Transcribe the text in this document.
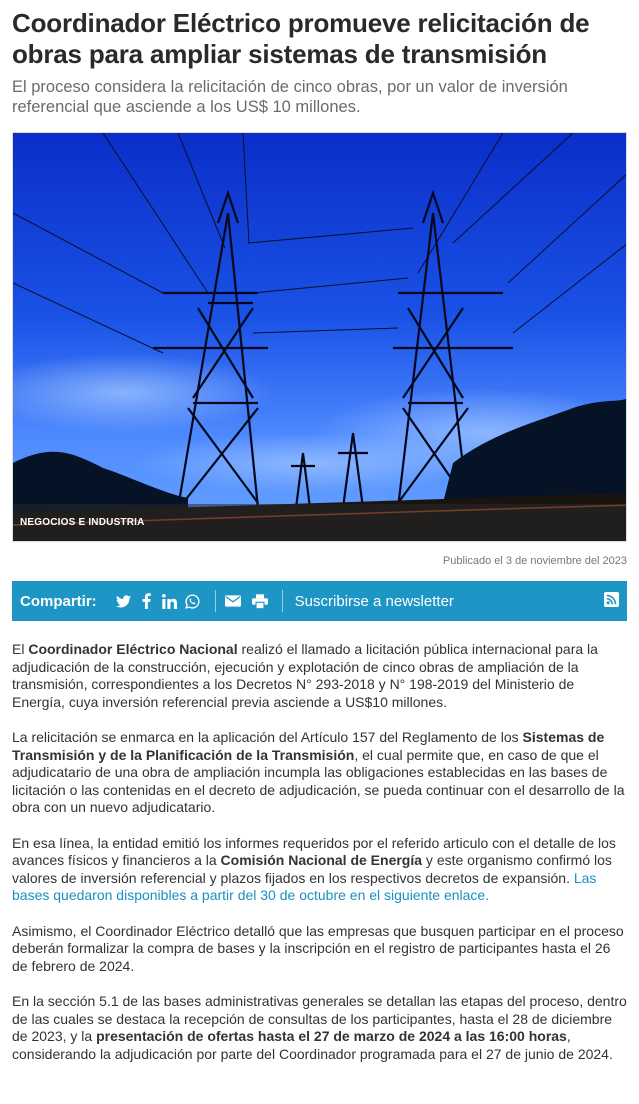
Coordinador Eléctrico promueve relicitación de obras para ampliar sistemas de transmisión

El proceso considera la relicitación de cinco obras, por un valor de inversión referencial que asciende a los US$ 10 millones.

NEGOCIOS E INDUSTRIA
Publicado el 3 de noviembre del 2023
Compartir:	Suscribirse a newsletter

El Coordinador Eléctrico Nacional realizó el llamado a licitación pública internacional para la adjudicación de la construcción, ejecución y explotación de cinco obras de ampliación de la transmisión, correspondientes a los Decretos N° 293-2018 y N° 198-2019 del Ministerio de Energía, cuya inversión referencial previa asciende a US$10 millones.

La relicitación se enmarca en la aplicación del Artículo 157 del Reglamento de los Sistemas de Transmisión y de la Planificación de la Transmisión, el cual permite que, en caso de que el adjudicatario de una obra de ampliación incumpla las obligaciones establecidas en las bases de licitación o las contenidas en el decreto de adjudicación, se pueda continuar con el desarrollo de la obra con un nuevo adjudicatario.

En esa línea, la entidad emitió los informes requeridos por el referido articulo con el detalle de los avances físicos y financieros a la Comisión Nacional de Energía y este organismo confirmó los valores de inversión referencial y plazos fijados en los respectivos decretos de expansión. Las bases quedaron disponibles a partir del 30 de octubre en el siguiente enlace.

Asimismo, el Coordinador Eléctrico detalló que las empresas que busquen participar en el proceso deberán formalizar la compra de bases y la inscripción en el registro de participantes hasta el 26 de febrero de 2024.

En la sección 5.1 de las bases administrativas generales se detallan las etapas del proceso, dentro de las cuales se destaca la recepción de consultas de los participantes, hasta el 28 de diciembre de 2023, y la presentación de ofertas hasta el 27 de marzo de 2024 a las 16:00 horas, considerando la adjudicación por parte del Coordinador programada para el 27 de junio de 2024.
